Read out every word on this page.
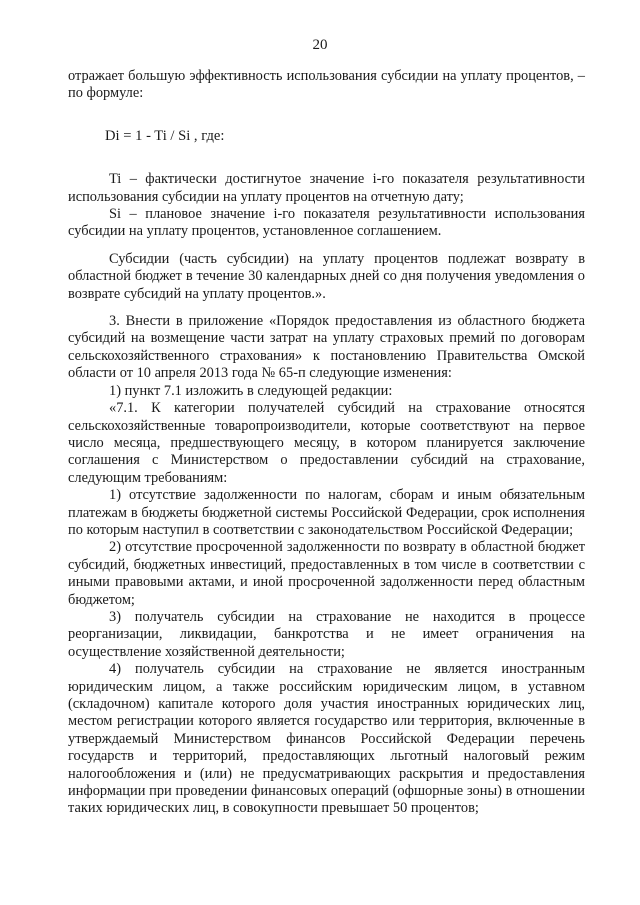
20

отражает большую эффективность использования субсидии на уплату процентов, – по формуле:

Di = 1 - Ti / Si , где:

Ti – фактически достигнутое значение i-го показателя результативности использования субсидии на уплату процентов на отчетную дату;

Si – плановое значение i-го показателя результативности использования субсидии на уплату процентов, установленное соглашением.

Субсидии (часть субсидии) на уплату процентов подлежат возврату в областной бюджет в течение 30 календарных дней со дня получения уведомления о возврате субсидий на уплату процентов.».

3. Внести в приложение «Порядок предоставления из областного бюджета субсидий на возмещение части затрат на уплату страховых премий по договорам сельскохозяйственного страхования» к постановлению Правительства Омской области от 10 апреля 2013 года № 65-п следующие изменения:

1) пункт 7.1 изложить в следующей редакции:

«7.1. К категории получателей субсидий на страхование относятся сельскохозяйственные товаропроизводители, которые соответствуют на первое число месяца, предшествующего месяцу, в котором планируется заключение соглашения с Министерством о предоставлении субсидий на страхование, следующим требованиям:

1) отсутствие задолженности по налогам, сборам и иным обязательным платежам в бюджеты бюджетной системы Российской Федерации, срок исполнения по которым наступил в соответствии с законодательством Российской Федерации;

2) отсутствие просроченной задолженности по возврату в областной бюджет субсидий, бюджетных инвестиций, предоставленных в том числе в соответствии с иными правовыми актами, и иной просроченной задолженности перед областным бюджетом;

3) получатель субсидии на страхование не находится в процессе реорганизации, ликвидации, банкротства и не имеет ограничения на осуществление хозяйственной деятельности;

4) получатель субсидии на страхование не является иностранным юридическим лицом, а также российским юридическим лицом, в уставном (складочном) капитале которого доля участия иностранных юридических лиц, местом регистрации которого является государство или территория, включенные в утверждаемый Министерством финансов Российской Федерации перечень государств и территорий, предоставляющих льготный налоговый режим налогообложения и (или) не предусматривающих раскрытия и предоставления информации при проведении финансовых операций (офшорные зоны) в отношении таких юридических лиц, в совокупности превышает 50 процентов;
